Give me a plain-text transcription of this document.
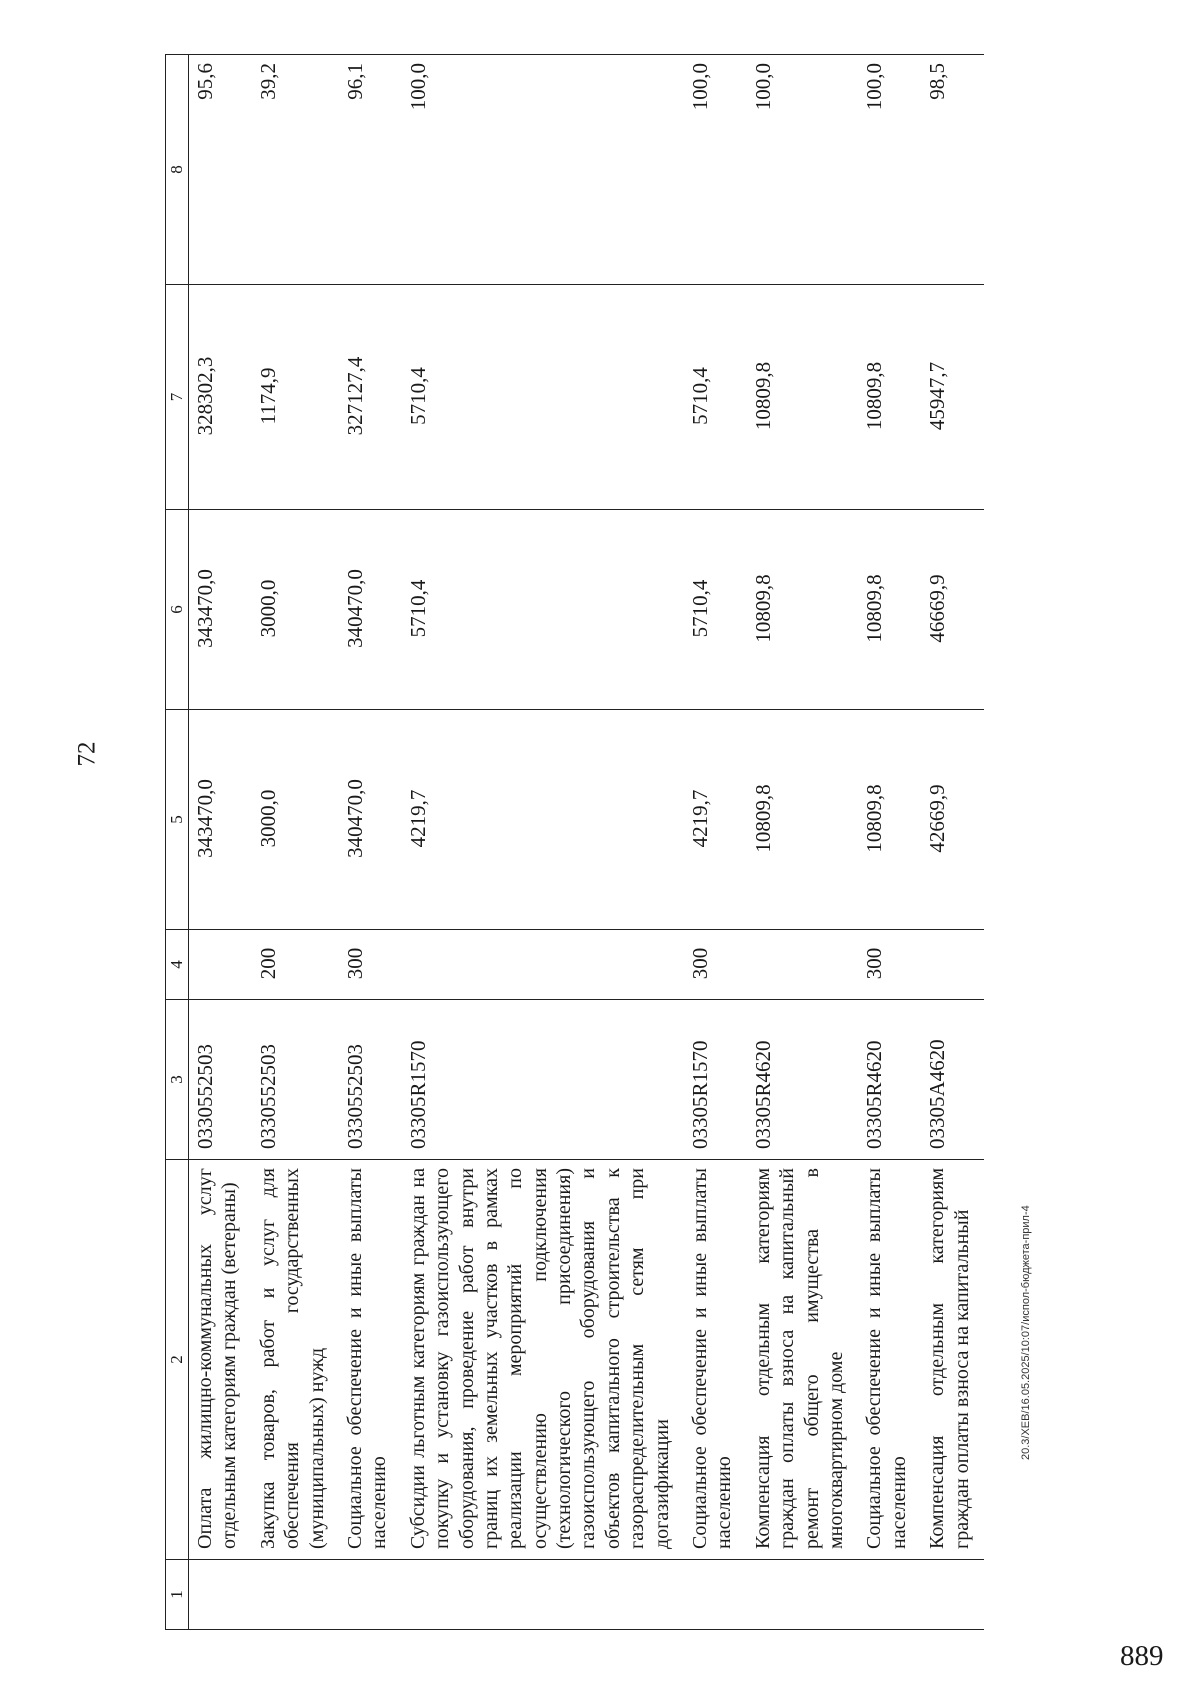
72
1	2	3	4	5	6	7	8
	Оплата жилищно-коммунальных услуг отдельным категориям граждан (ветераны)	0330552503		343470,0	343470,0	328302,3	95,6
	Закупка товаров, работ и услуг для обеспечения государственных (муниципальных) нужд	0330552503	200	3000,0	3000,0	1174,9	39,2
	Социальное обеспечение и иные выплаты населению	0330552503	300	340470,0	340470,0	327127,4	96,1
	Субсидии льготным категориям граждан на покупку и установку газоиспользующего оборудования, проведение работ внутри границ их земельных участков в рамках реализации мероприятий по осуществлению подключения (технологического присоединения) газоиспользующего оборудования и объектов капитального строительства к газораспределительным сетям при догазификации	03305R1570		4219,7	5710,4	5710,4	100,0
	Социальное обеспечение и иные выплаты населению	03305R1570	300	4219,7	5710,4	5710,4	100,0
	Компенсация отдельным категориям граждан оплаты взноса на капитальный ремонт общего имущества в многоквартирном доме	03305R4620		10809,8	10809,8	10809,8	100,0
	Социальное обеспечение и иные выплаты населению	03305R4620	300	10809,8	10809,8	10809,8	100,0
	Компенсация отдельным категориям граждан оплаты взноса на капитальный	03305A4620		42669,9	46669,9	45947,7	98,5
20.3/ХЕВ/16.05.2025/10:07/испол-бюджета-прил-4
889
